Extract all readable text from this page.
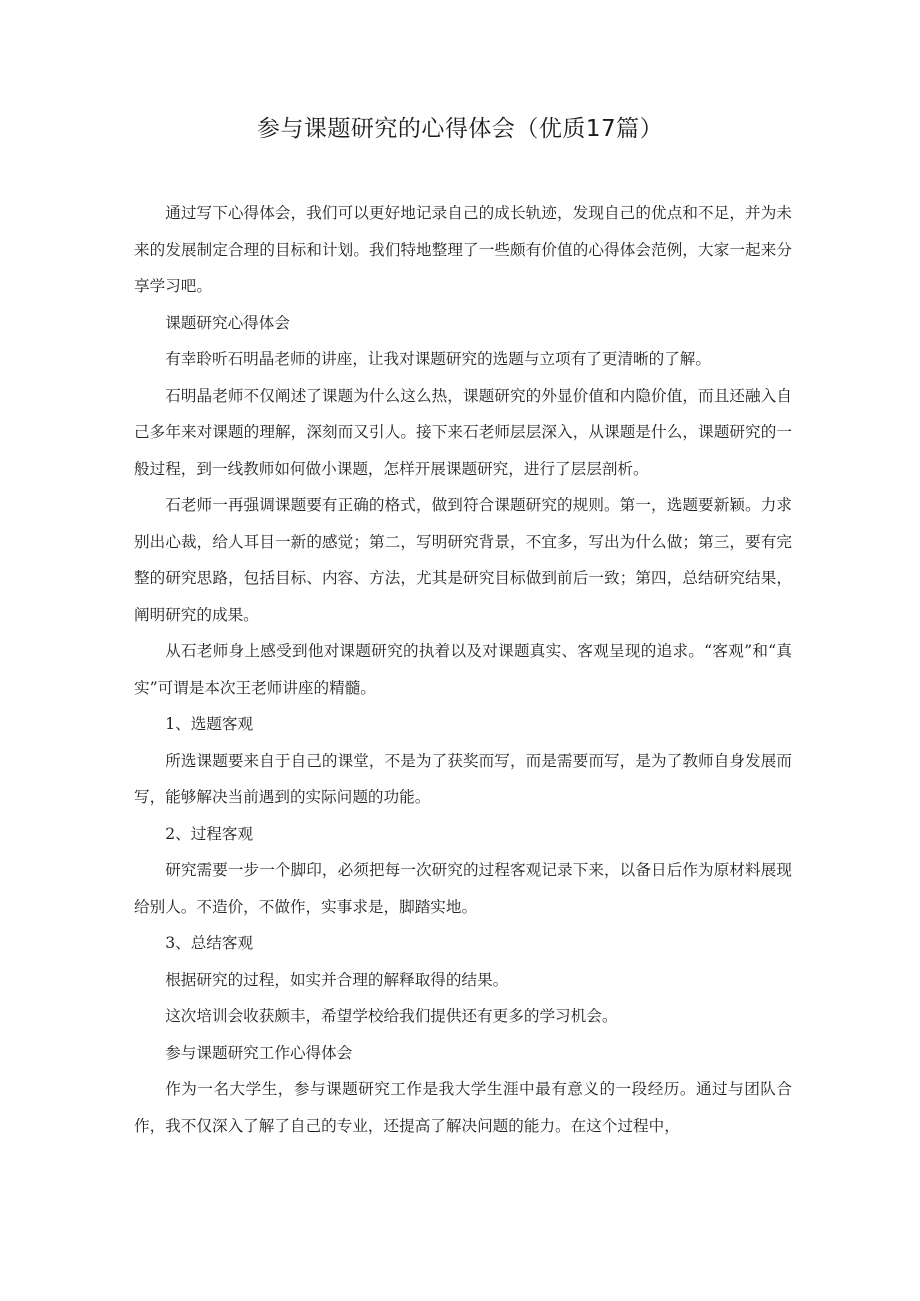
参与课题研究的心得体会（优质17篇）

通过写下心得体会，我们可以更好地记录自己的成长轨迹，发现自己的优点和不足，并为未来的发展制定合理的目标和计划。我们特地整理了一些颇有价值的心得体会范例，大家一起来分享学习吧。

课题研究心得体会

有幸聆听石明晶老师的讲座，让我对课题研究的选题与立项有了更清晰的了解。

石明晶老师不仅阐述了课题为什么这么热，课题研究的外显价值和内隐价值，而且还融入自己多年来对课题的理解，深刻而又引人。接下来石老师层层深入，从课题是什么，课题研究的一般过程，到一线教师如何做小课题，怎样开展课题研究，进行了层层剖析。

石老师一再强调课题要有正确的格式，做到符合课题研究的规则。第一，选题要新颖。力求别出心裁，给人耳目一新的感觉；第二，写明研究背景，不宜多，写出为什么做；第三，要有完整的研究思路，包括目标、内容、方法，尤其是研究目标做到前后一致；第四，总结研究结果，阐明研究的成果。

从石老师身上感受到他对课题研究的执着以及对课题真实、客观呈现的追求。“客观”和“真实”可谓是本次王老师讲座的精髓。

1、选题客观

所选课题要来自于自己的课堂，不是为了获奖而写，而是需要而写，是为了教师自身发展而写，能够解决当前遇到的实际问题的功能。

2、过程客观

研究需要一步一个脚印，必须把每一次研究的过程客观记录下来，以备日后作为原材料展现给别人。不造价，不做作，实事求是，脚踏实地。

3、总结客观

根据研究的过程，如实并合理的解释取得的结果。

这次培训会收获颇丰，希望学校给我们提供还有更多的学习机会。

参与课题研究工作心得体会

作为一名大学生，参与课题研究工作是我大学生涯中最有意义的一段经历。通过与团队合作，我不仅深入了解了自己的专业，还提高了解决问题的能力。在这个过程中，
